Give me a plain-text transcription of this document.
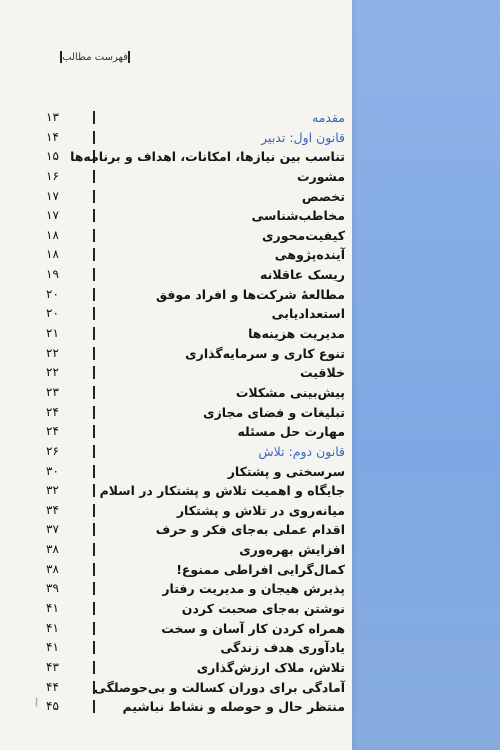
فهرست مطالب
۱۳	مقدمه
۱۴	قانون اول: تدبیر
۱۵ تناسب بین نیازها، امکانات، اهداف و برنامه‌ها
۱۶	مشورت
۱۷	تخصص
۱۷	مخاطب‌شناسی
۱۸	کیفیت‌محوری
۱۸	آینده‌پژوهی
۱۹	ریسک عاقلانه
۲۰	مطالعهٔ شرکت‌ها و افراد موفق
۲۰	استعدادیابی
۲۱	مدیریت هزینه‌ها
۲۲	تنوع کاری و سرمایه‌گذاری
۲۲	خلاقیت
۲۳	پیش‌بینی مشکلات
۲۴	تبلیغات و فضای مجازی
۲۴	مهارت حل مسئله
۲۶	قانون دوم: تلاش
۳۰	سرسختی و پشتکار
۳۲	جایگاه و اهمیت تلاش و پشتکار در اسلام
۳۴	میانه‌روی در تلاش و پشتکار
۳۷	اقدام عملی به‌جای فکر و حرف
۳۸	افزایش بهره‌وری
۳۸	کمال‌گرایی افراطی ممنوع!
۳۹	پذیرش هیجان و مدیریت رفتار
۴۱	نوشتن به‌جای صحبت کردن
۴۱	همراه کردن کار آسان و سخت
۴۱	یادآوری هدف زندگی
۴۳	تلاش، ملاک ارزش‌گذاری
۴۴	آمادگی برای دوران کسالت و بی‌حوصلگی
۴۵	منتظر حال و حوصله و نشاط نباشیم
~
